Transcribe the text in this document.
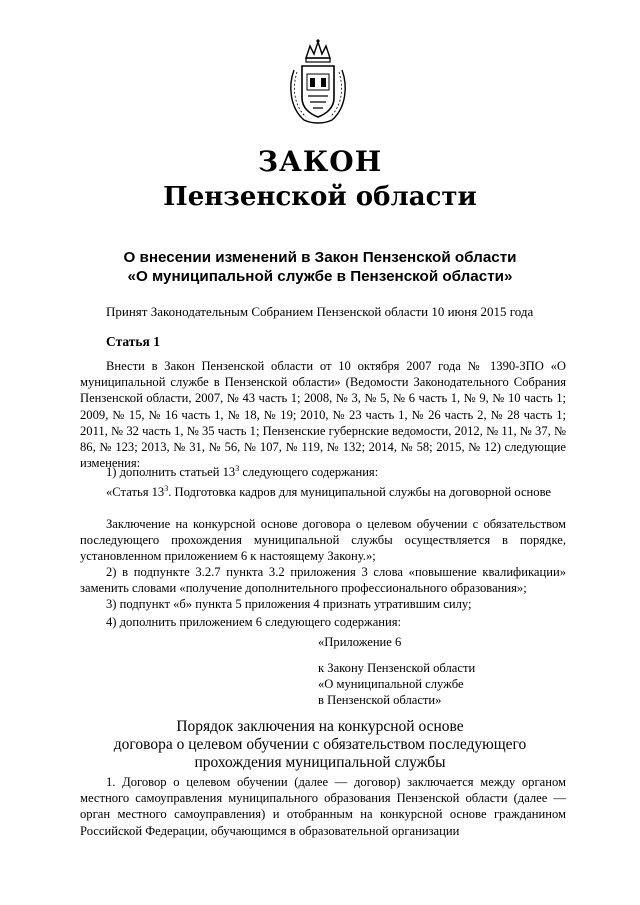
ЗАКОН
Пензенской области
О внесении изменений в Закон Пензенской области
«О муниципальной службе в Пензенской области»
Принят Законодательным Собранием Пензенской области 10 июня 2015 года
Статья 1
Внести в Закон Пензенской области от 10 октября 2007 года № 1390-ЗПО «О муниципальной службе в Пензенской области» (Ведомости Законодательного Собрания Пензенской области, 2007, № 43 часть 1; 2008, № 3, № 5, № 6 часть 1, № 9, № 10 часть 1; 2009, № 15, № 16 часть 1, № 18, № 19; 2010, № 23 часть 1, № 26 часть 2, № 28 часть 1; 2011, № 32 часть 1, № 35 часть 1; Пензенские губернские ведомости, 2012, № 11, № 37, № 86, № 123; 2013, № 31, № 56, № 107, № 119, № 132; 2014, № 58; 2015, № 12) следующие изменения:
1) дополнить статьей $13^3$ следующего содержания:
«Статья $13^3$. Подготовка кадров для муниципальной службы на договорной основе
Заключение на конкурсной основе договора о целевом обучении с обязательством последующего прохождения муниципальной службы осуществляется в порядке, установленном приложением 6 к настоящему Закону.»;
2) в подпункте 3.2.7 пункта 3.2 приложения 3 слова «повышение квалификации» заменить словами «получение дополнительного профессионального образования»;
3) подпункт «б» пункта 5 приложения 4 признать утратившим силу;
4) дополнить приложением 6 следующего содержания:
«Приложение 6
к Закону Пензенской области
«О муниципальной службе
в Пензенской области»
Порядок заключения на конкурсной основе
договора о целевом обучении с обязательством последующего
прохождения муниципальной службы
1. Договор о целевом обучении (далее — договор) заключается между органом местного самоуправления муниципального образования Пензенской области (далее — орган местного самоуправления) и отобранным на конкурсной основе гражданином Российской Федерации, обучающимся в образовательной организации
